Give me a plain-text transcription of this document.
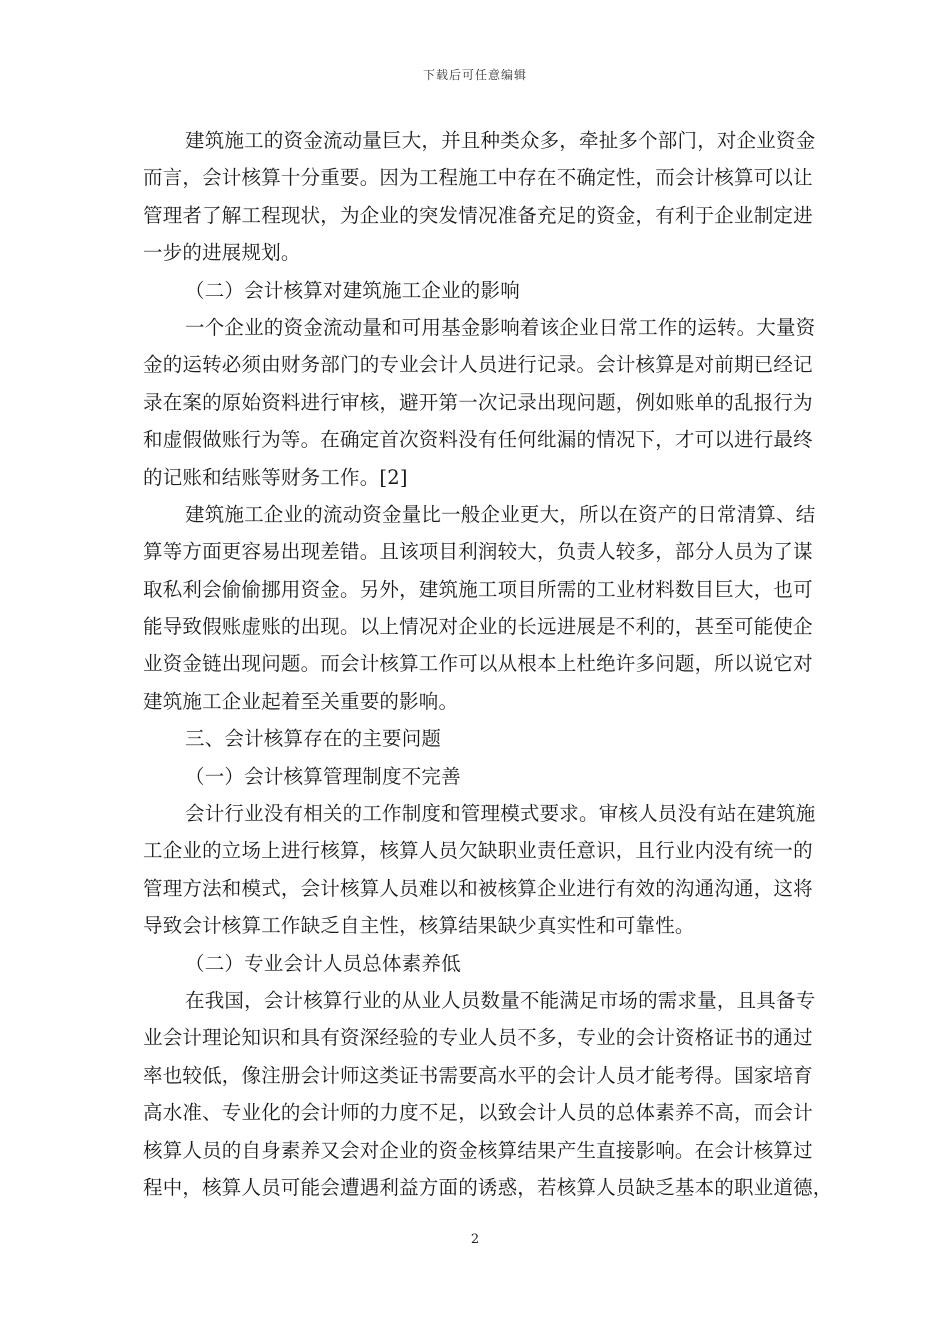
下载后可任意编辑
建筑施工的资金流动量巨大，并且种类众多，牵扯多个部门，对企业资金
而言，会计核算十分重要。因为工程施工中存在不确定性，而会计核算可以让
管理者了解工程现状，为企业的突发情况准备充足的资金，有利于企业制定进
一步的进展规划。
（二）会计核算对建筑施工企业的影响
一个企业的资金流动量和可用基金影响着该企业日常工作的运转。大量资
金的运转必须由财务部门的专业会计人员进行记录。会计核算是对前期已经记
录在案的原始资料进行审核，避开第一次记录出现问题，例如账单的乱报行为
和虚假做账行为等。在确定首次资料没有任何纰漏的情况下，才可以进行最终
的记账和结账等财务工作。[2]
建筑施工企业的流动资金量比一般企业更大，所以在资产的日常清算、结
算等方面更容易出现差错。且该项目利润较大，负责人较多，部分人员为了谋
取私利会偷偷挪用资金。另外，建筑施工项目所需的工业材料数目巨大，也可
能导致假账虚账的出现。以上情况对企业的长远进展是不利的，甚至可能使企
业资金链出现问题。而会计核算工作可以从根本上杜绝许多问题，所以说它对
建筑施工企业起着至关重要的影响。
三、会计核算存在的主要问题
（一）会计核算管理制度不完善
会计行业没有相关的工作制度和管理模式要求。审核人员没有站在建筑施
工企业的立场上进行核算，核算人员欠缺职业责任意识，且行业内没有统一的
管理方法和模式，会计核算人员难以和被核算企业进行有效的沟通沟通，这将
导致会计核算工作缺乏自主性，核算结果缺少真实性和可靠性。
（二）专业会计人员总体素养低
在我国，会计核算行业的从业人员数量不能满足市场的需求量，且具备专
业会计理论知识和具有资深经验的专业人员不多，专业的会计资格证书的通过
率也较低，像注册会计师这类证书需要高水平的会计人员才能考得。国家培育
高水准、专业化的会计师的力度不足，以致会计人员的总体素养不高，而会计
核算人员的自身素养又会对企业的资金核算结果产生直接影响。在会计核算过
程中，核算人员可能会遭遇利益方面的诱惑，若核算人员缺乏基本的职业道德，
2
